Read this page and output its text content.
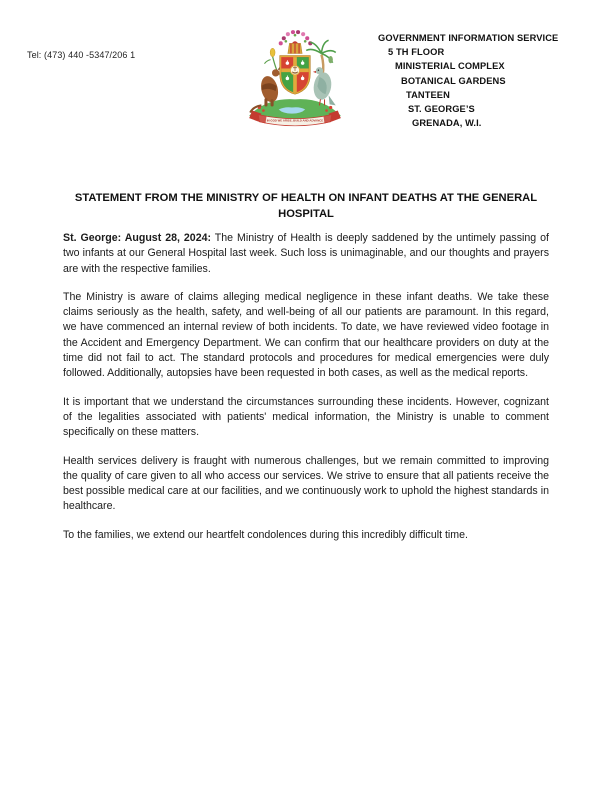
Tel: (473) 440 -5347/206 1
IN GOD WE ARISE, BUILD AND ADVANCE
GOVERNMENT INFORMATION SERVICE
5 TH FLOOR
MINISTERIAL COMPLEX
BOTANICAL GARDENS
TANTEEN
ST. GEORGE’S
GRENADA, W.I.
STATEMENT FROM THE MINISTRY OF HEALTH ON INFANT DEATHS AT THE GENERAL HOSPITAL

St. George: August 28, 2024: The Ministry of Health is deeply saddened by the untimely passing of two infants at our General Hospital last week. Such loss is unimaginable, and our thoughts and prayers are with the respective families.

The Ministry is aware of claims alleging medical negligence in these infant deaths. We take these claims seriously as the health, safety, and well-being of all our patients are paramount. In this regard, we have commenced an internal review of both incidents. To date, we have reviewed video footage in the Accident and Emergency Department. We can confirm that our healthcare providers on duty at the time did not fail to act. The standard protocols and procedures for medical emergencies were duly followed. Additionally, autopsies have been requested in both cases, as well as the medical reports.

It is important that we understand the circumstances surrounding these incidents. However, cognizant of the legalities associated with patients' medical information, the Ministry is unable to comment specifically on these matters.

Health services delivery is fraught with numerous challenges, but we remain committed to improving the quality of care given to all who access our services. We strive to ensure that all patients receive the best possible medical care at our facilities, and we continuously work to uphold the highest standards in healthcare.

To the families, we extend our heartfelt condolences during this incredibly difficult time.
